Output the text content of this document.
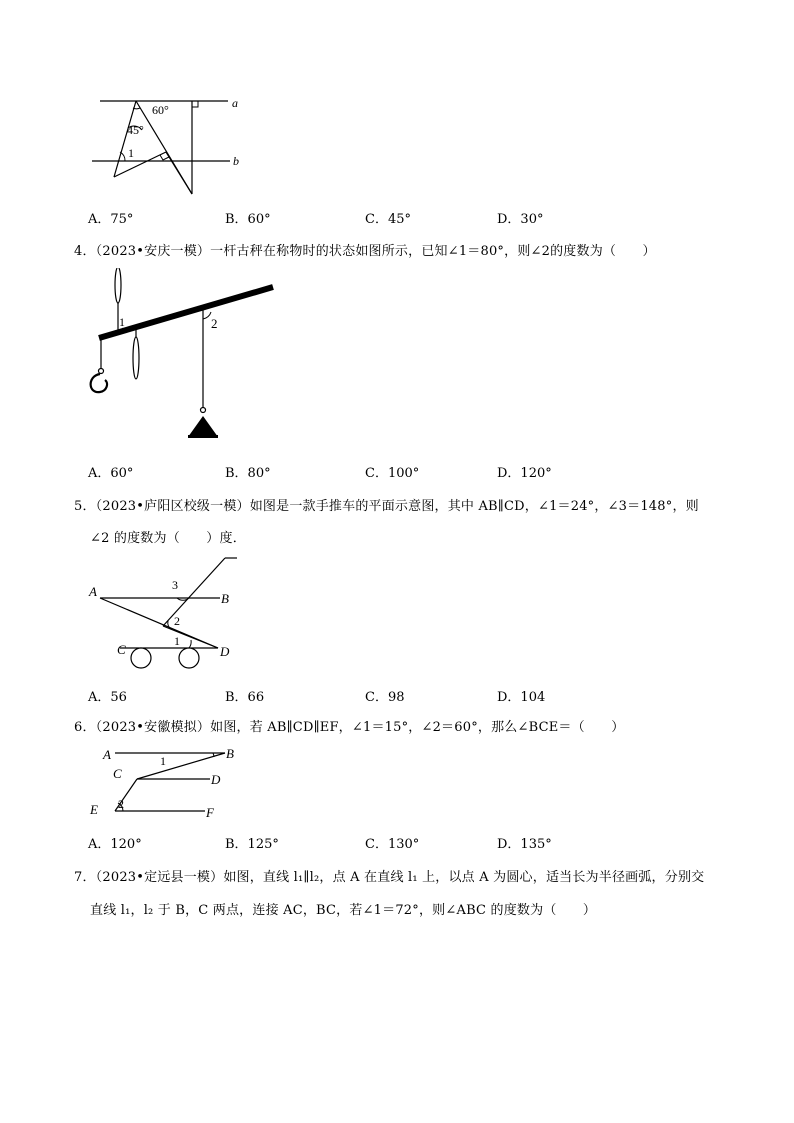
60°
45°
1
a
b
A．75°	B．60°	C．45°	D．30°
4．（2023•安庆一模）一杆古秤在称物时的状态如图所示，已知∠1＝80°，则∠2的度数为（　　）
1	2
A．60°	B．80°	C．100°	D．120°
5．（2023•庐阳区校级一模）如图是一款手推车的平面示意图，其中 AB∥CD，∠1＝24°，∠3＝148°，则
∠2 的度数为（　　）度．
A	B
C	D
3
2
1
A．56	B．66	C．98	D．104
6．（2023•安徽模拟）如图，若 AB∥CD∥EF，∠1＝15°，∠2＝60°，那么∠BCE＝（　　）
A	B
C	D
E	F
1
2
A．120°	B．125°	C．130°	D．135°
7．（2023•定远县一模）如图，直线 l₁∥l₂，点 A 在直线 l₁ 上，以点 A 为圆心，适当长为半径画弧，分别交
直线 l₁，l₂ 于 B，C 两点，连接 AC，BC，若∠1＝72°，则∠ABC 的度数为（　　）
